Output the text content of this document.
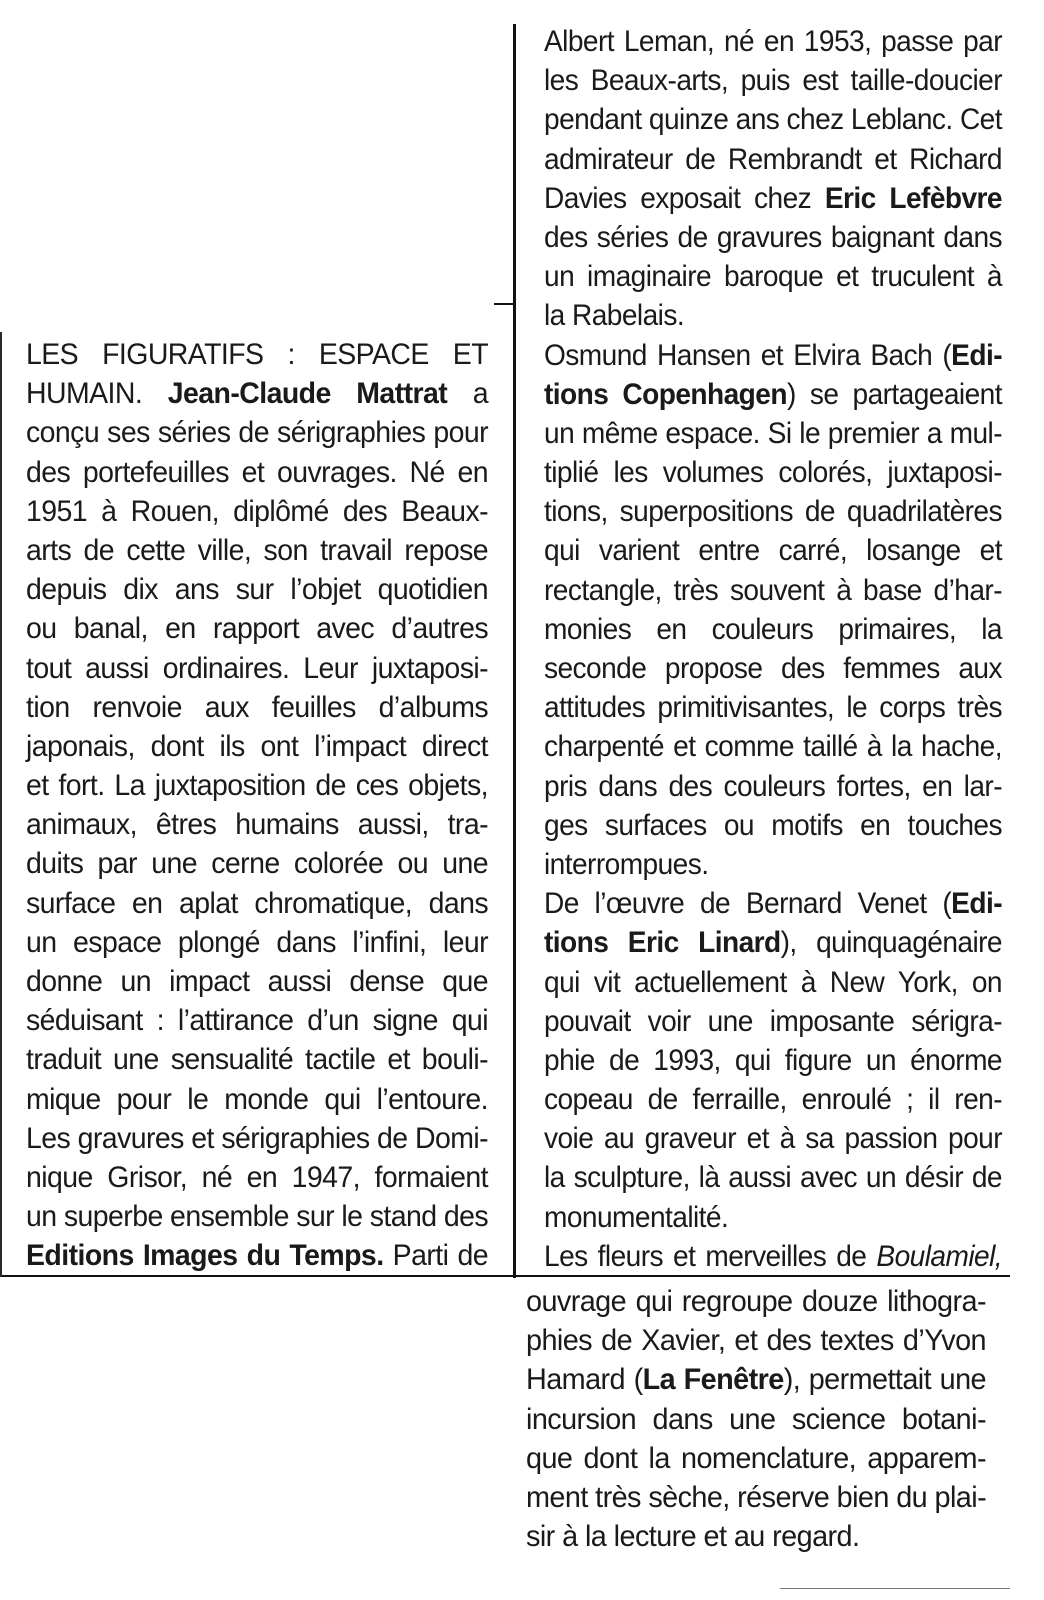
Albert Leman, né en 1953, passe par
les Beaux-arts, puis est taille-doucier
pendant quinze ans chez Leblanc. Cet
admirateur de Rembrandt et Richard
Davies exposait chez Eric Lefèbvre
des séries de gravures baignant dans
un imaginaire baroque et truculent à
la Rabelais.
Osmund Hansen et Elvira Bach (Edi-
tions Copenhagen) se partageaient
un même espace. Si le premier a mul-
tiplié les volumes colorés, juxtaposi-
tions, superpositions de quadrilatères
qui varient entre carré, losange et
rectangle, très souvent à base d’har-
monies en couleurs primaires, la
seconde propose des femmes aux
attitudes primitivisantes, le corps très
charpenté et comme taillé à la hache,
pris dans des couleurs fortes, en lar-
ges surfaces ou motifs en touches
interrompues.
De l’œuvre de Bernard Venet (Edi-
tions Eric Linard), quinquagénaire
qui vit actuellement à New York, on
pouvait voir une imposante sérigra-
phie de 1993, qui figure un énorme
copeau de ferraille, enroulé ; il ren-
voie au graveur et à sa passion pour
la sculpture, là aussi avec un désir de
monumentalité.
Les fleurs et merveilles de Boulamiel,
LES FIGURATIFS : ESPACE ET
HUMAIN. Jean-Claude Mattrat a
conçu ses séries de sérigraphies pour
des portefeuilles et ouvrages. Né en
1951 à Rouen, diplômé des Beaux-
arts de cette ville, son travail repose
depuis dix ans sur l’objet quotidien
ou banal, en rapport avec d’autres
tout aussi ordinaires. Leur juxtaposi-
tion renvoie aux feuilles d’albums
japonais, dont ils ont l’impact direct
et fort. La juxtaposition de ces objets,
animaux, êtres humains aussi, tra-
duits par une cerne colorée ou une
surface en aplat chromatique, dans
un espace plongé dans l’infini, leur
donne un impact aussi dense que
séduisant : l’attirance d’un signe qui
traduit une sensualité tactile et bouli-
mique pour le monde qui l’entoure.
Les gravures et sérigraphies de Domi-
nique Grisor, né en 1947, formaient
un superbe ensemble sur le stand des
Editions Images du Temps. Parti de
ouvrage qui regroupe douze lithogra-
phies de Xavier, et des textes d’Yvon
Hamard (La Fenêtre), permettait une
incursion dans une science botani-
que dont la nomenclature, apparem-
ment très sèche, réserve bien du plai-
sir à la lecture et au regard.
